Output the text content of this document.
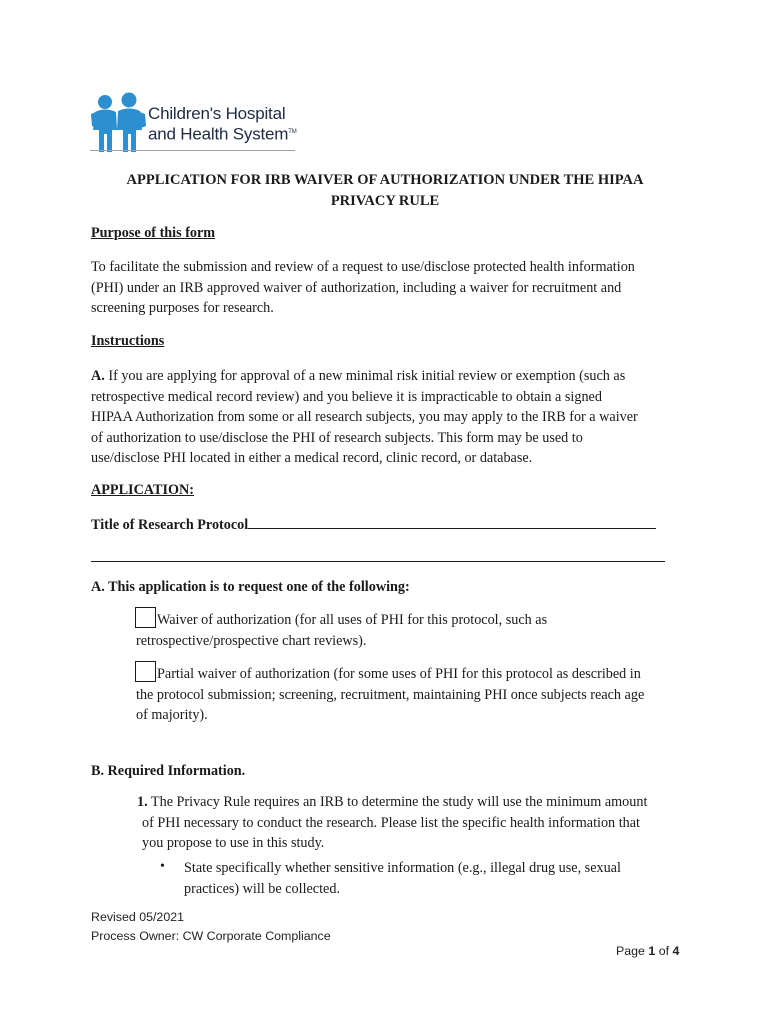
Children's Hospital
and Health System™
APPLICATION FOR IRB WAIVER OF AUTHORIZATION UNDER THE HIPAA
PRIVACY RULE
Purpose of this form
To facilitate the submission and review of a request to use/disclose protected health information
(PHI) under an IRB approved waiver of authorization, including a waiver for recruitment and
screening purposes for research.
Instructions
A. If you are applying for approval of a new minimal risk initial review or exemption (such as
retrospective medical record review) and you believe it is impracticable to obtain a signed
HIPAA Authorization from some or all research subjects, you may apply to the IRB for a waiver
of authorization to use/disclose the PHI of research subjects. This form may be used to
use/disclose PHI located in either a medical record, clinic record, or database.
APPLICATION:
Title of Research Protocol
A. This application is to request one of the following:
Waiver of authorization (for all uses of PHI for this protocol, such as
retrospective/prospective chart reviews).
Partial waiver of authorization (for some uses of PHI for this protocol as described in
the protocol submission; screening, recruitment, maintaining PHI once subjects reach age
of majority).
B. Required Information.
1. The Privacy Rule requires an IRB to determine the study will use the minimum amount
of PHI necessary to conduct the research. Please list the specific health information that
you propose to use in this study.
• State specifically whether sensitive information (e.g., illegal drug use, sexual
practices) will be collected.
Revised 05/2021
Process Owner: CW Corporate Compliance
Page 1 of 4
